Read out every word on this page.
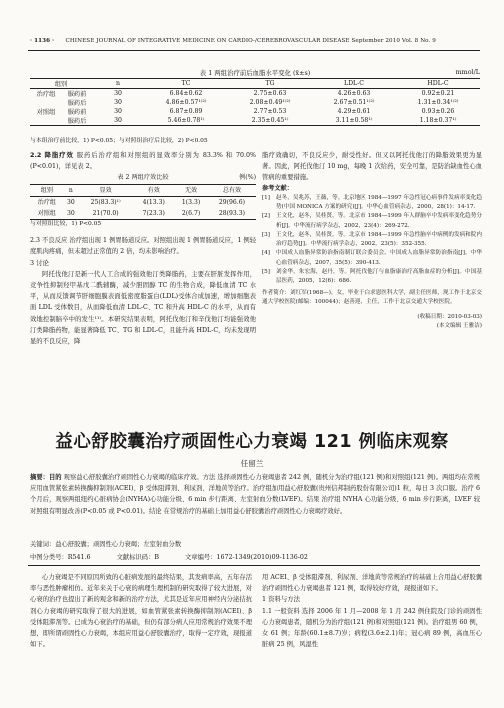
· 1136 · CHINESE JOURNAL OF INTEGRATIVE MEDICINE ON CARDIO-/CEREBROVASCULAR DISEASE September 2010 Vol. 8 No. 9
表 1 两组治疗前后血脂水平变化 (x̄±s)	mmol/L
组别		n	TC	TG	LDL-C	HDL-C
治疗组	服药前	30	6.84±0.62	2.75±0.63	4.26±0.63	0.92±0.21
	服药后	30	4.86±0.57¹⁾²⁾	2.08±0.49¹⁾²⁾	2.67±0.51¹⁾²⁾	1.31±0.34¹⁾²⁾
对照组	服药前	30	6.87±0.89	2.77±0.53	4.29±0.61	0.93±0.26
	服药后	30	5.46±0.78¹⁾	2.35±0.45¹⁾	3.11±0.58¹⁾	1.18±0.37¹⁾
与本组治疗前比较，1) P<0.05；与对照组治疗后比较，2) P<0.05
2.2 降脂疗效 服药后治疗组和对照组的显效率分别为 83.3% 和 70.0% (P<0.01)，详见表 2。
表 2 两组疗效比较	例(%)
组别	n	显效	有效	无效	总有效
治疗组	30	25(83.3)¹⁾	4(13.3)	1(3.3)	29(96.6)
对照组	30	21(70.0)	7(23.3)	2(6.7)	28(93.3)
与对照组比较，1) P<0.05
2.3 不良反应 治疗组出现 1 例胃肠道反应。对照组出现 1 例胃肠道反应，1 例轻度肌肉疼痛，但未超过正常值的 2 倍，均未影响治疗。
3 讨论
阿托伐他汀是新一代人工合成的强效他汀类降脂药，主要在肝脏发挥作用，竞争性抑制羟甲基戊二酰辅酶，减少胆固醇 TC 的生物合成，降低血清 TC 水平，从而反馈调节肝细胞膜表面低密度脂蛋白(LDL)受体合成加速，增加细胞表面 LDL 受体数目，从而降低血清 LDL-C、TC 和升高 HDL-C 的水平，从而有效地控制脑卒中的发生¹¹⁾。本研究结果表明，阿托伐他汀和辛伐他汀均能强效他汀类降脂药物，能显著降低 TC、TG 和 LDL-C，且能升高 HDL-C，均未发现明显的不良反应，降
脂疗效确切，不良反应少，耐受性好。但又以阿托伐他汀的降脂效果更为显著。因此，阿托伐他汀 10 mg，每晚 1 次给药，安全可靠，是防治缺血性心血管病的重要措施。
参考文献：
[1]	赵冬，吴兆苏，王薇，等。北京地区 1984—1997 年急性冠心病事件发病率变化趋势(中国 MONICA 方案的研究)[J]。中华心血管病杂志，2000，28(1)：14-17.
[2]	王文化，赵冬，吴桂贤，等。北京市 1984—1999 年人群脑卒中发病率变化趋势分析[J]。中华流行病学杂志，2002，23(4)：269-272.
[3]	王文化，赵冬，吴桂贤，等。北京市 1984—1999 年急性脑卒中病例的发病和院内治疗趋势[J]。中华流行病学杂志，2002，23(5)：352-355.
[4]	中国成人血脂异常防治指南制订联合委员会。中国成人血脂异常防治指南[J]。中华心血管病杂志，2007，35(5)：390-413.
[5]	刘金华，朱宏海，赵丹，等。阿托伐他汀与血脂康治疗高脂血症的分析[J]。中国基层医药，2005，12(6)：686.
作者简介：刘红军(1968—)，女，毕业于白求恩医科大学，副主任医师，现工作于北京交通大学校医院(邮编：100044)；赵善迎，主任，工作于北京交通大学校医院。
(收稿日期：2010-03-03)
(本文编辑 王雅洁)
益心舒胶囊治疗顽固性心力衰竭 121 例临床观察
任留兰
摘要：目的 观察益心舒胶囊治疗顽固性心力衰竭的临床疗效。方法 选择顽固性心力衰竭患者 242 例，随机分为治疗组(121 例)和对照组(121 例)。两组均在常规应用血管紧张素转换酶抑制剂(ACEI)、β 受体阻滞剂、利尿剂、洋地黄等治疗。治疗组加用益心舒胶囊(贵州信邦制药股份有限公司)1 粒，每日 3 次口服。治疗 6 个月后，观察两组纽约心脏病协会(NYHA)心功能分级、6 min 步行距离、左室射血分数(LVEF)。结果 治疗组 NYHA 心功能分级、6 min 步行距离，LVEF 较对照组有明显改善(P<0.05 或 P<0.01)。结论 在常规治疗的基础上加用益心舒胶囊治疗顽固性心力衰竭疗效好。
关键词：益心舒胶囊；顽固性心力衰竭；左室射血分数
中图分类号：R541.6	文献标识码：B	文章编号：1672-1349(2010)09-1136-02
心力衰竭是不同原因所致的心脏病发展的最终结果，其发病率高，五年存活率与恶性肿瘤相仿。近年来关于心衰的病理生理机制的研究取得了较大进展，对心衰的治疗也提出了新的观念和新的治疗方法，尤其是近年应用神经内分泌拮抗剂心力衰竭的研究取得了很大的进展，如血管紧张素转换酶抑制剂(ACEI)、β 受体阻滞剂等。已成为心衰治疗的基础，但仍有部分病人应用常规治疗效果不理想，即所谓顽固性心力衰竭，本组应用益心舒胶囊治疗，取得一定疗效，现报道如下。
用 ACEI、β 受体阻滞剂、利尿剂、洋地黄等常规治疗的基础上合用益心舒胶囊治疗顽固性心力衰竭患者 121 例，取得较好疗效，现报道如下。
1 资料与方法
1.1 一般资料 选择 2006 年 1 月—2008 年 1 月 242 例住院及门诊的顽固性心力衰竭患者，随机分为治疗组(121 例)和对照组(121 例)。治疗组男 60 例，女 61 例；年龄(60.1±8.7)岁；病程(3.6±2.1)年；冠心病 89 例，高血压心脏病 25 例，风湿性
